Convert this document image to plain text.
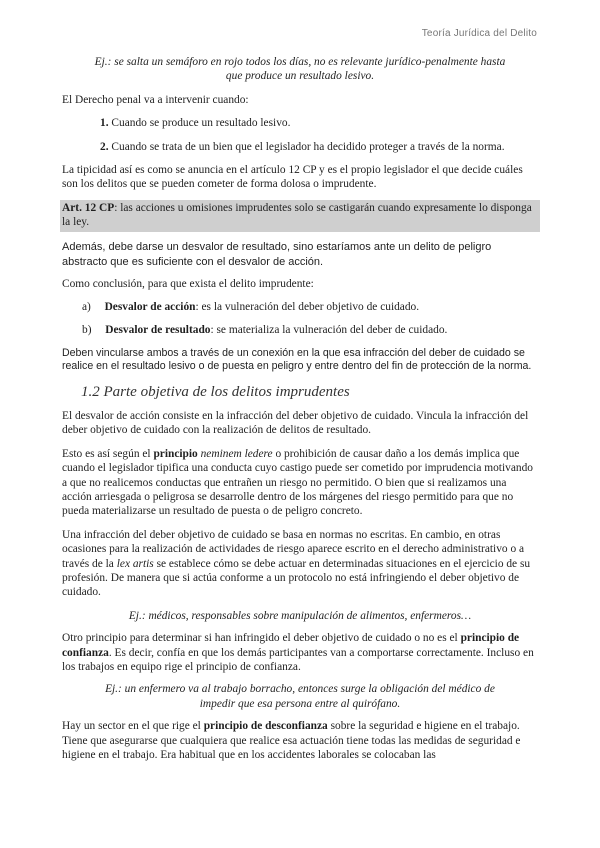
Teoría Jurídica del Delito

Ej.: se salta un semáforo en rojo todos los días, no es relevante jurídico-penalmente hasta que produce un resultado lesivo.

El Derecho penal va a intervenir cuando:

1. Cuando se produce un resultado lesivo.

2. Cuando se trata de un bien que el legislador ha decidido proteger a través de la norma.

La tipicidad así es como se anuncia en el artículo 12 CP y es el propio legislador el que decide cuáles son los delitos que se pueden cometer de forma dolosa o imprudente.

Art. 12 CP: las acciones u omisiones imprudentes solo se castigarán cuando expresamente lo disponga la ley.

Además, debe darse un desvalor de resultado, sino estaríamos ante un delito de peligro abstracto que es suficiente con el desvalor de acción.

Como conclusión, para que exista el delito imprudente:

a) Desvalor de acción: es la vulneración del deber objetivo de cuidado.

b) Desvalor de resultado: se materializa la vulneración del deber de cuidado.

Deben vincularse ambos a través de un conexión en la que esa infracción del deber de cuidado se realice en el resultado lesivo o de puesta en peligro y entre dentro del fin de protección de la norma.

1.2 Parte objetiva de los delitos imprudentes

El desvalor de acción consiste en la infracción del deber objetivo de cuidado. Vincula la infracción del deber objetivo de cuidado con la realización de delitos de resultado.

Esto es así según el principio neminem ledere o prohibición de causar daño a los demás implica que cuando el legislador tipifica una conducta cuyo castigo puede ser cometido por imprudencia motivando a que no realicemos conductas que entrañen un riesgo no permitido. O bien que si realizamos una acción arriesgada o peligrosa se desarrolle dentro de los márgenes del riesgo permitido para que no pueda materializarse un resultado de puesta o de peligro concreto.

Una infracción del deber objetivo de cuidado se basa en normas no escritas. En cambio, en otras ocasiones para la realización de actividades de riesgo aparece escrito en el derecho administrativo o a través de la lex artis se establece cómo se debe actuar en determinadas situaciones en el ejercicio de su profesión. De manera que si actúa conforme a un protocolo no está infringiendo el deber objetivo de cuidado.

Ej.: médicos, responsables sobre manipulación de alimentos, enfermeros…

Otro principio para determinar si han infringido el deber objetivo de cuidado o no es el principio de confianza. Es decir, confía en que los demás participantes van a comportarse correctamente. Incluso en los trabajos en equipo rige el principio de confianza.

Ej.: un enfermero va al trabajo borracho, entonces surge la obligación del médico de impedir que esa persona entre al quirófano.

Hay un sector en el que rige el principio de desconfianza sobre la seguridad e higiene en el trabajo. Tiene que asegurarse que cualquiera que realice esa actuación tiene todas las medidas de seguridad e higiene en el trabajo. Era habitual que en los accidentes laborales se colocaban las
